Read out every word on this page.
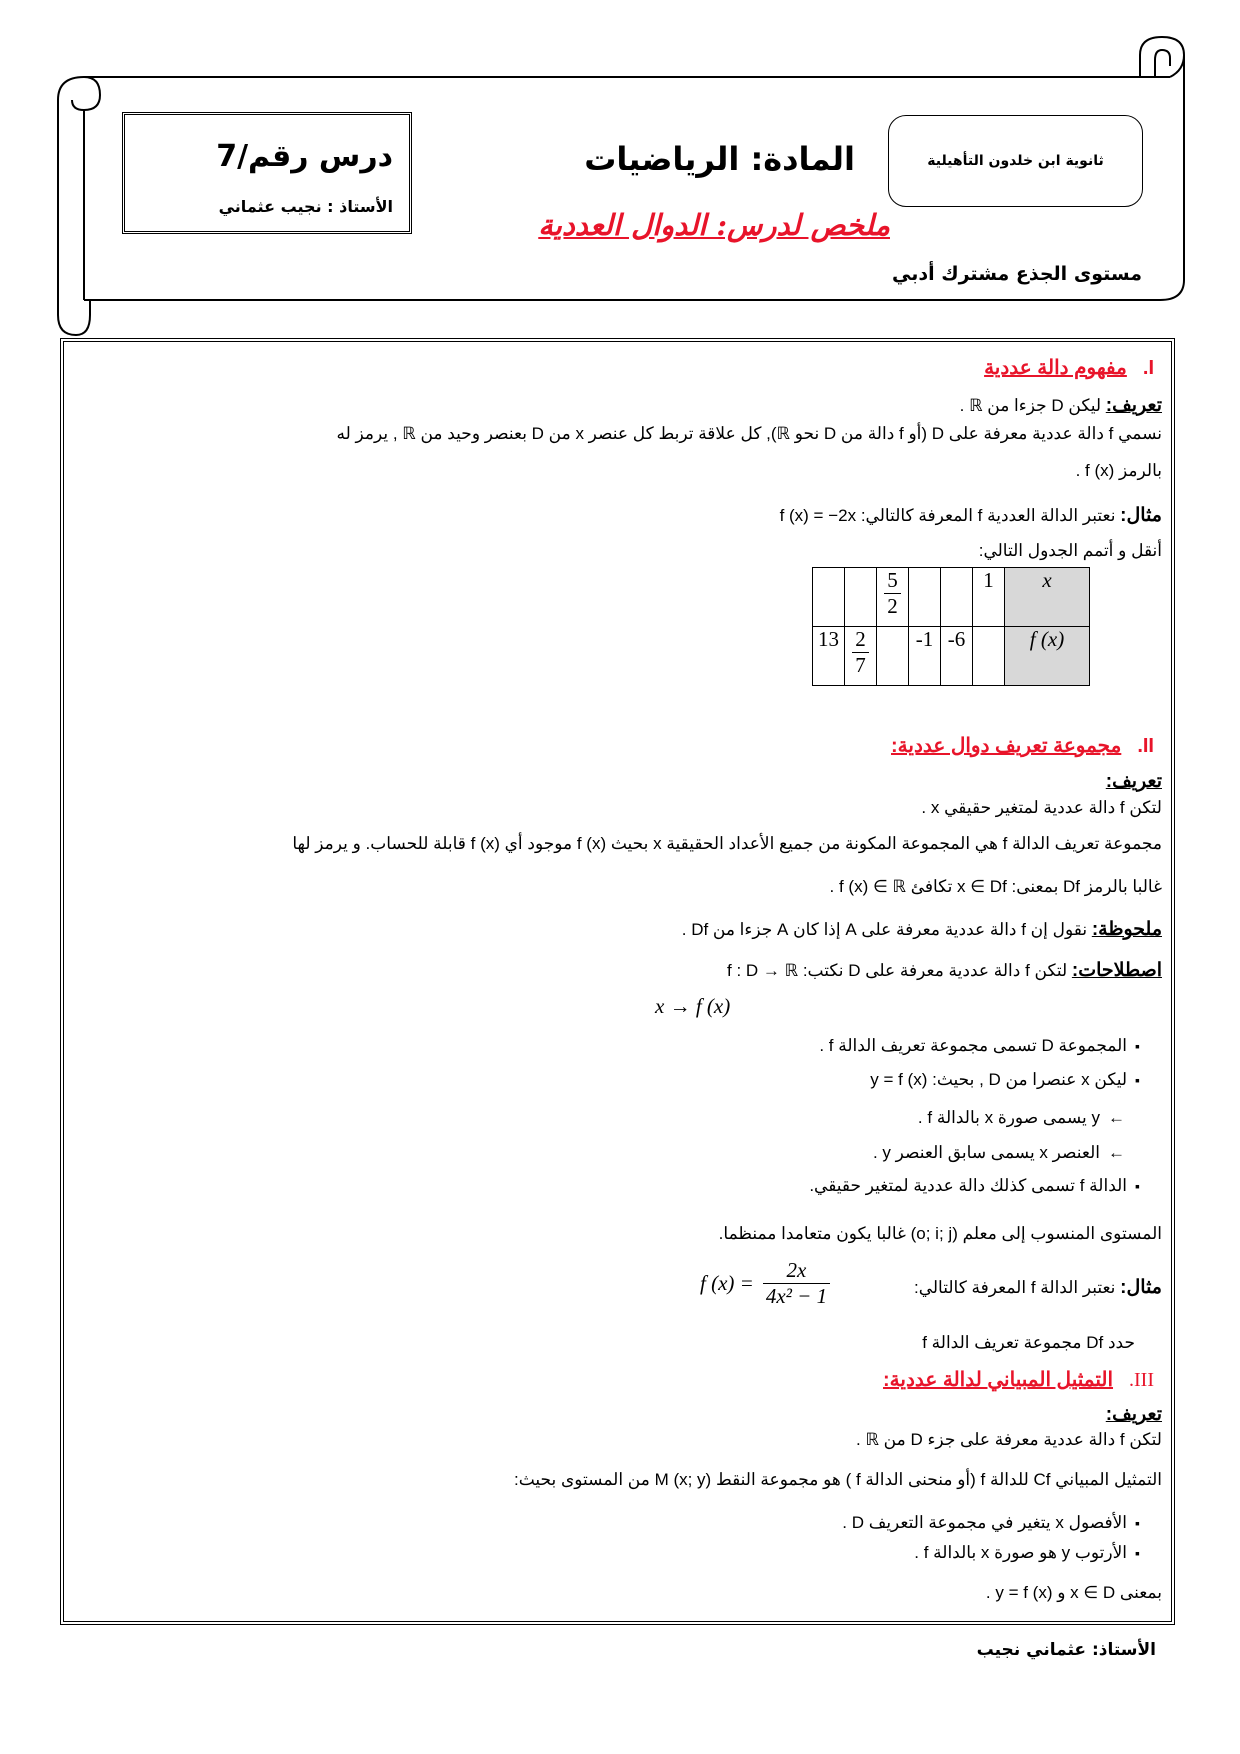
درس رقم/7
الأستاذ : نجيب عثماني
المادة: الرياضيات
ملخص لدرس: الدوال العددية
ثانوية ابن خلدون التأهيلية
مستوى الجذع مشترك أدبي
I.مفهوم دالة عددية
تعريف: ليكن D جزءا من ℝ .
نسمي f دالة عددية معرفة على D (أو f دالة من D نحو ℝ), كل علاقة تربط كل عنصر x من D بعنصر وحيد من ℝ , يرمز له
بالرمز f (x) .
مثال: نعتبر الدالة العددية f المعرفة كالتالي: f (x) = −2x
أنقل و أتمم الجدول التالي:

		$\frac{5}{2}$			1	x
13	$\frac{2}{7}$		-1	-6		f (x)
II.مجموعة تعريف دوال عددية:
تعريف:
لتكن f دالة عددية لمتغير حقيقي x .
مجموعة تعريف الدالة f هي المجموعة المكونة من جميع الأعداد الحقيقية x بحيث f (x) موجود أي f (x) قابلة للحساب. و يرمز لها
غالبا بالرمز Df بمعنى: x ∈ Df تكافئ f (x) ∈ ℝ .
ملحوظة: نقول إن f دالة عددية معرفة على A إذا كان A جزءا من Df .
اصطلاحات: لتكن f دالة عددية معرفة على D نكتب: f : D → ℝ
x → f (x)
▪ المجموعة D تسمى مجموعة تعريف الدالة f .
▪ ليكن x عنصرا من D , بحيث: y = f (x)
←y يسمى صورة x بالدالة f .
←العنصر x يسمى سابق العنصر y .
▪ الدالة f تسمى كذلك دالة عددية لمتغير حقيقي.
المستوى المنسوب إلى معلم (o; i; j) غالبا يكون متعامدا ممنظما.
مثال: نعتبر الدالة f المعرفة كالتالي:
f $(x) = \frac{2x}{\text{4x² − 1}}$
حدد Df مجموعة تعريف الدالة f
III.التمثيل المبياني لدالة عددية:
تعريف:
لتكن f دالة عددية معرفة على جزء D من ℝ .
التمثيل المبياني Cf للدالة f (أو منحنى الدالة f ) هو مجموعة النقط M (x; y) من المستوى بحيث:
▪ الأفصول x يتغير في مجموعة التعريف D .
▪ الأرتوب y هو صورة x بالدالة f .
بمعنى x ∈ D و y = f (x) .
الأستاذ: عثماني نجيب
